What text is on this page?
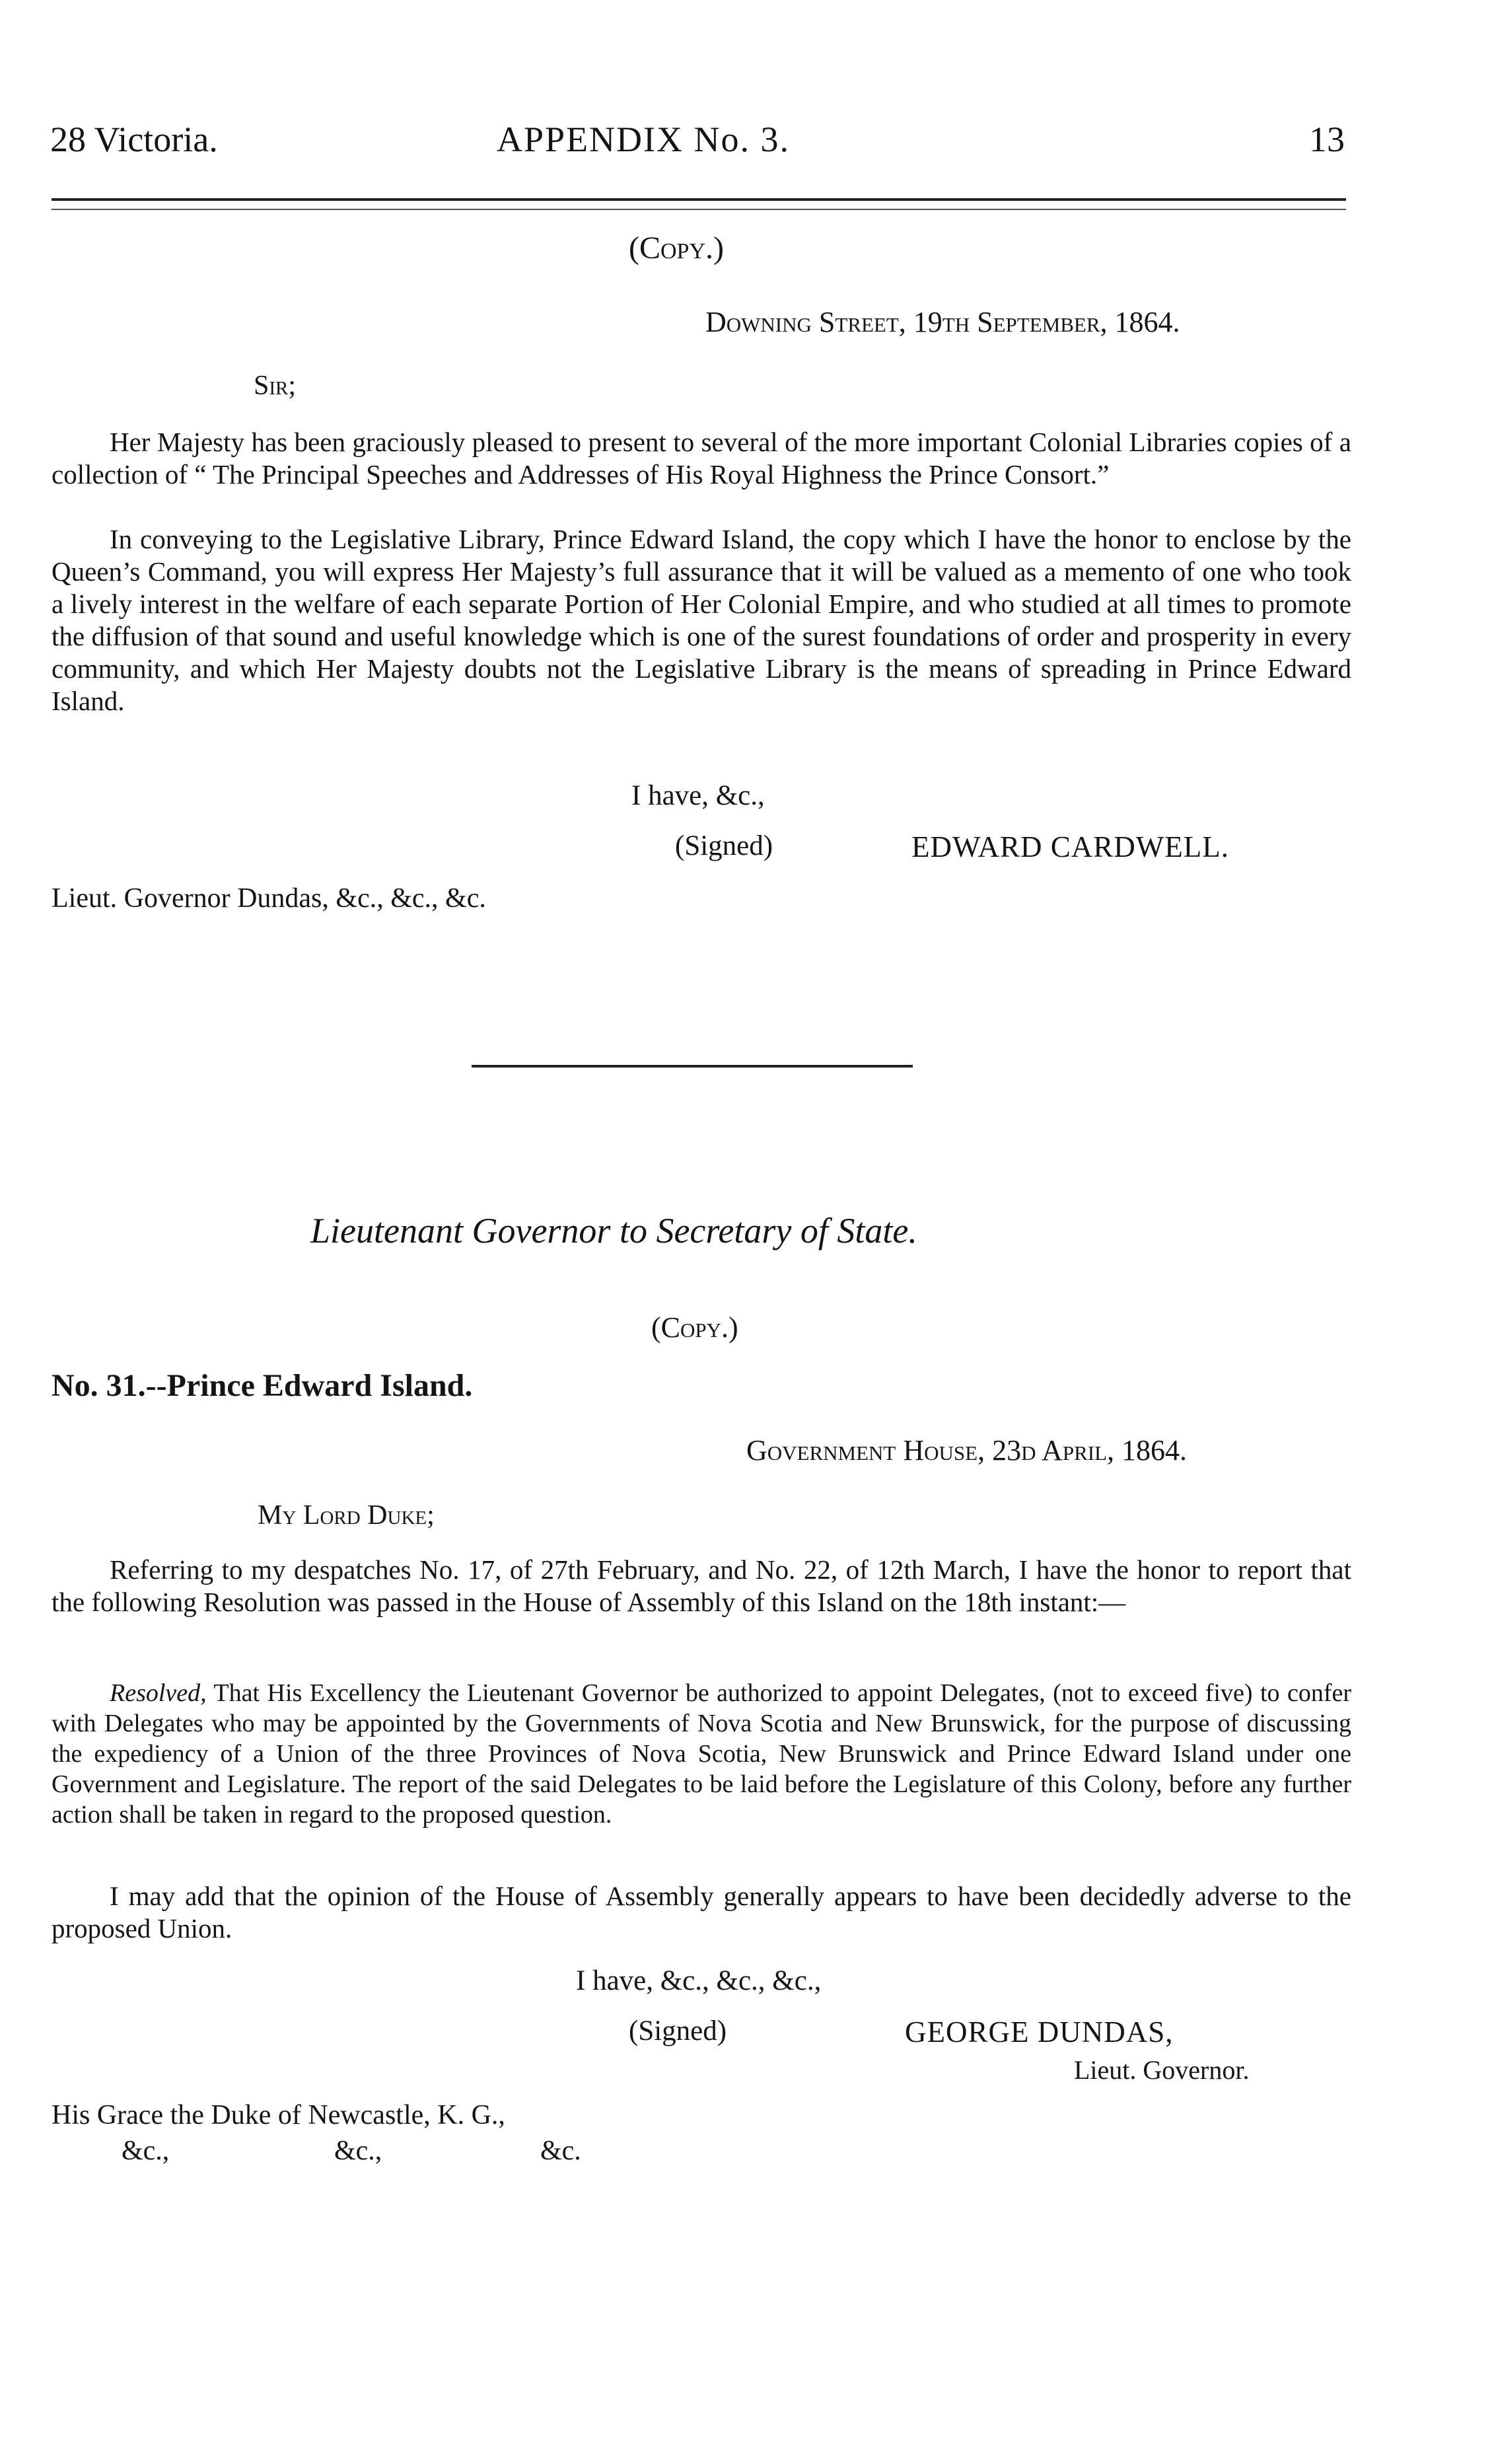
28 Victoria.	APPENDIX No. 3.	13
(Copy.)
Downing Street, 19th September, 1864.
Sir;
Her Majesty has been graciously pleased to present to several of the more important Colonial Libraries copies of a collection of “ The Principal Speeches and Addresses of His Royal Highness the Prince Consort.”
In conveying to the Legislative Library, Prince Edward Island, the copy which I have the honor to enclose by the Queen’s Command, you will express Her Majesty’s full assurance that it will be valued as a memento of one who took a lively interest in the welfare of each separate Portion of Her Colonial Empire, and who studied at all times to promote the diffusion of that sound and useful knowledge which is one of the surest foundations of order and prosperity in every community, and which Her Majesty doubts not the Legislative Library is the means of spreading in Prince Edward Island.
I have, &c.,
(Signed)	EDWARD CARDWELL.
Lieut. Governor Dundas, &c., &c., &c.
Lieutenant Governor to Secretary of State.
(Copy.)
No. 31.--Prince Edward Island.
Government House, 23d April, 1864.
My Lord Duke;
Referring to my despatches No. 17, of 27th February, and No. 22, of 12th March, I have the honor to report that the following Resolution was passed in the House of Assembly of this Island on the 18th instant:—
Resolved, That His Excellency the Lieutenant Governor be authorized to appoint Delegates, (not to exceed five) to confer with Delegates who may be appointed by the Governments of Nova Scotia and New Brunswick, for the purpose of discussing the expediency of a Union of the three Provinces of Nova Scotia, New Brunswick and Prince Edward Island under one Government and Legislature. The report of the said Delegates to be laid before the Legislature of this Colony, before any further action shall be taken in regard to the proposed question.
I may add that the opinion of the House of Assembly generally appears to have been decidedly adverse to the proposed Union.
I have, &c., &c., &c.,
(Signed)	GEORGE DUNDAS,
Lieut. Governor.
His Grace the Duke of Newcastle, K. G.,
&c.,	&c.,	&c.
